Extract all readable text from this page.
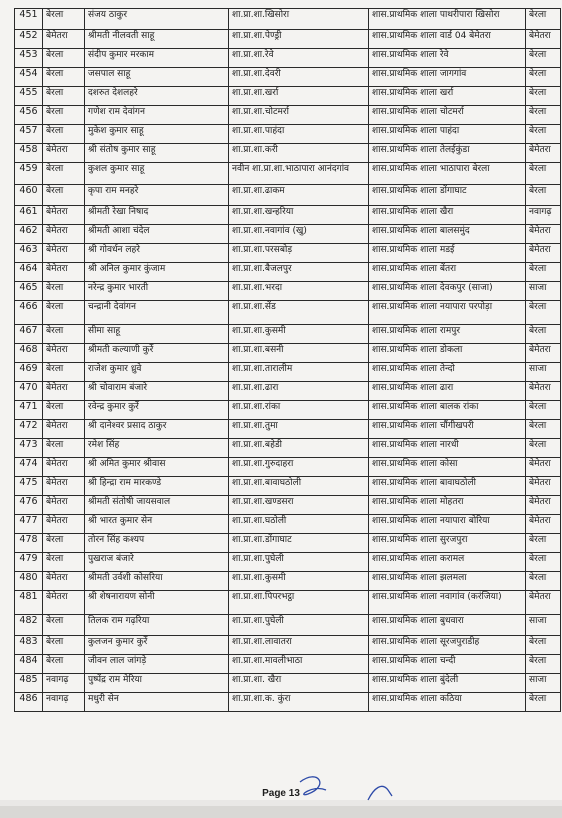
451	बेरला	संजय ठाकुर	शा.प्रा.शा.खिसोरा	शास.प्राथमिक शाला पाथरीपारा खिसोरा	बेरला
452	बेमेतरा	श्रीमती नीलवती साहू	शा.प्रा.शा.पेण्ड्री	शास.प्राथमिक शाला वार्ड 04 बेमेतरा	बेमेतरा
453	बेरला	संदीप कुमार मरकाम	शा.प्रा.शा.रेवे	शास.प्राथमिक शाला रेवे	बेरला
454	बेरला	जसपाल साहू	शा.प्रा.शा.देवरी	शास.प्राथमिक शाला जागगांव	बेरला
455	बेरला	दशरुत देशलहरे	शा.प्रा.शा.खर्रा	शास.प्राथमिक शाला खर्रा	बेरला
456	बेरला	गणेश राम देवांगन	शा.प्रा.शा.चोटमर्रा	शास.प्राथमिक शाला चोटमर्रा	बेरला
457	बेरला	मुकेश कुमार साहू	शा.प्रा.शा.पाहंदा	शास.प्राथमिक शाला पाहंदा	बेरला
458	बेमेतरा	श्री संतोष कुमार साहू	शा.प्रा.शा.करी	शास.प्राथमिक शाला तेलईकुंडा	बेमेतरा
459	बेरला	कुशल कुमार साहू	नवीन शा.प्रा.शा.भाठापारा आनंदगांव	शास.प्राथमिक शाला भाठापारा बेरला	बेरला
460	बेरला	कृपा राम मनहरे	शा.प्रा.शा.ढाकम	शास.प्राथमिक शाला डोंगाघाट	बेरला
461	बेमेतरा	श्रीमती रेखा निषाद	शा.प्रा.शा.खन्हरिया	शास.प्राथमिक शाला खैरा	नवागढ़
462	बेमेतरा	श्रीमती आशा चंदेल	शा.प्रा.शा.नवागांव (खु)	शास.प्राथमिक शाला बालसमुंद	बेमेतरा
463	बेमेतरा	श्री गोवर्धन लहरे	शा.प्रा.शा.परसबोड़	शास.प्राथमिक शाला मडई	बेमेतरा
464	बेमेतरा	श्री अनिल कुमार कुंजाम	शा.प्रा.शा.बैजलपुर	शास.प्राथमिक शाला बेंतरा	बेरला
465	बेरला	नरेन्द्र कुमार भारती	शा.प्रा.शा.भरदा	शास.प्राथमिक शाला देवकपुर (साजा)	साजा
466	बेरला	चन्द्रानी देवांगन	शा.प्रा.शा.सेंड	शास.प्राथमिक शाला नयापारा परपोड़ा	बेरला
467	बेरला	सीमा साहू	शा.प्रा.शा.कुसमी	शास.प्राथमिक शाला रामपुर	बेरला
468	बेमेतरा	श्रीमती कल्याणी कुर्रे	शा.प्रा.शा.बसनी	शास.प्राथमिक शाला डोकला	बेमेतरा
469	बेरला	राजेश कुमार ध्रुवे	शा.प्रा.शा.तारालीम	शास.प्राथमिक शाला तेन्दो	साजा
470	बेमेतरा	श्री चोवाराम बंजारे	शा.प्रा.शा.ढारा	शास.प्राथमिक शाला ढारा	बेमेतरा
471	बेरला	रवेन्द्र कुमार कुर्रे	शा.प्रा.शा.रांका	शास.प्राथमिक शाला बालक रांका	बेरला
472	बेमेतरा	श्री दानेश्वर प्रसाद ठाकुर	शा.प्रा.शा.तुमा	शास.प्राथमिक शाला चौंगीखपरी	बेरला
473	बेरला	रमेश सिंह	शा.प्रा.शा.बहेडी	शास.प्राथमिक शाला नारधी	बेरला
474	बेमेतरा	श्री अमित कुमार श्रीवास	शा.प्रा.शा.गुरुदाहरा	शास.प्राथमिक शाला कोसा	बेमेतरा
475	बेमेतरा	श्री हिन्द्रा राम मारकण्डे	शा.प्रा.शा.बावाघठोली	शास.प्राथमिक शाला बावाघठोली	बेमेतरा
476	बेमेतरा	श्रीमती संतोषी जायसवाल	शा.प्रा.शा.खण्डसरा	शास.प्राथमिक शाला मोहतरा	बेमेतरा
477	बेमेतरा	श्री भारत कुमार सेन	शा.प्रा.शा.घठोली	शास.प्राथमिक शाला नयापारा बोरिया	बेमेतरा
478	बेरला	तोरन सिंह कश्यप	शा.प्रा.शा.डोंगाघाट	शास.प्राथमिक शाला सुरजपुरा	बेरला
479	बेरला	पुखराज बंजारे	शा.प्रा.शा.पुघेली	शास.प्राथमिक शाला करामल	बेरला
480	बेमेतरा	श्रीमती उर्वशी कोसरिया	शा.प्रा.शा.कुसमी	शास.प्राथमिक शाला झलमला	बेरला
481	बेमेतरा	श्री शेषनारायण सोनी	शा.प्रा.शा.पिपरभट्ठा	शास.प्राथमिक शाला नवागांव (करंजिया)	बेमेतरा
482	बेरला	तिलक राम गढ़रिया	शा.प्रा.शा.पुघेली	शास.प्राथमिक शाला बुधवारा	साजा
483	बेरला	कुलजन कुमार कुर्रे	शा.प्रा.शा.लावातरा	शास.प्राथमिक शाला सूरजपुराडीह	बेरला
484	बेरला	जीवन लाल जांगड़े	शा.प्रा.शा.मावलीभाठा	शास.प्राथमिक शाला चन्दी	बेरला
485	नवागढ़	पुष्पेंद्र राम मेरिया	शा.प्रा.शा. खैरा	शास.प्राथमिक शाला बुंदेली	साजा
486	नवागढ़	मधुरी सेन	शा.प्रा.शा.क. कुंरा	शास.प्राथमिक शाला कठिया	बेरला
Page 13
